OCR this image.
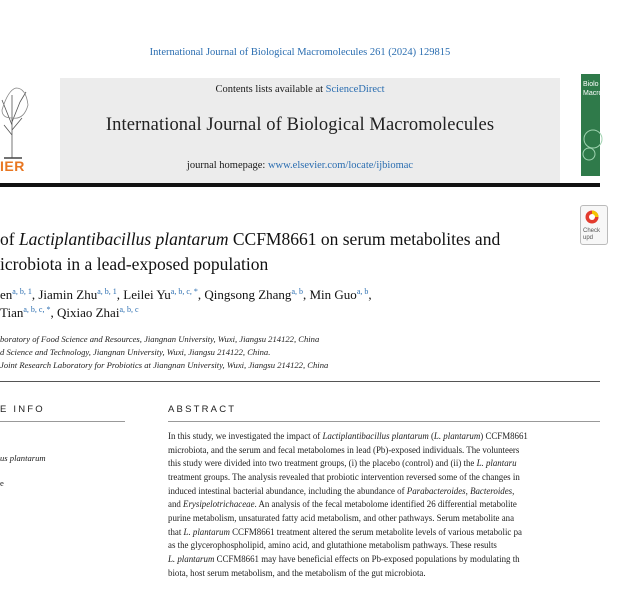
International Journal of Biological Macromolecules 261 (2024) 129815
Contents lists available at ScienceDirect
International Journal of Biological Macromolecules
journal homepage: www.elsevier.com/locate/ijbiomac
IER
Biolo
Macro
Check
upd
of Lactiplantibacillus plantarum CCFM8661 on serum metabolites and
icrobiota in a lead-exposed population
en$^{a, b, 1}$, Jiamin Zhu$^{a, b, 1}$, Leilei $Yu^{a, b, c, *}$, Qingsong Zhang$^{a, b}$, Min Guo$^{a, b}$,
Tian$^{a, b, c, *}$, Qixiao Zhai$^{a, b, c}$
boratory of Food Science and Resources, Jiangnan University, Wuxi, Jiangsu 214122, China
d Science and Technology, Jiangnan University, Wuxi, Jiangsu 214122, China.
Joint Research Laboratory for Probiotics at Jiangnan University, Wuxi, Jiangsu 214122, China
E INFO	ABSTRACT
us plantarum
e
In this study, we investigated the impact of Lactiplantibacillus plantarum (L. plantarum) CCFM8661
microbiota, and the serum and fecal metabolomes in lead (Pb)-exposed individuals. The volunteers
this study were divided into two treatment groups, (i) the placebo (control) and (ii) the L. plantaru
treatment groups. The analysis revealed that probiotic intervention reversed some of the changes in
induced intestinal bacterial abundance, including the abundance of Parabacteroides, Bacteroides,
and Erysipelotrichaceae. An analysis of the fecal metabolome identified 26 differential metabolite
purine metabolism, unsaturated fatty acid metabolism, and other pathways. Serum metabolite ana
that L. plantarum CCFM8661 treatment altered the serum metabolite levels of various metabolic pa
as the glycerophospholipid, amino acid, and glutathione metabolism pathways. These results
L. plantarum CCFM8661 may have beneficial effects on Pb-exposed populations by modulating th
biota, host serum metabolism, and the metabolism of the gut microbiota.
